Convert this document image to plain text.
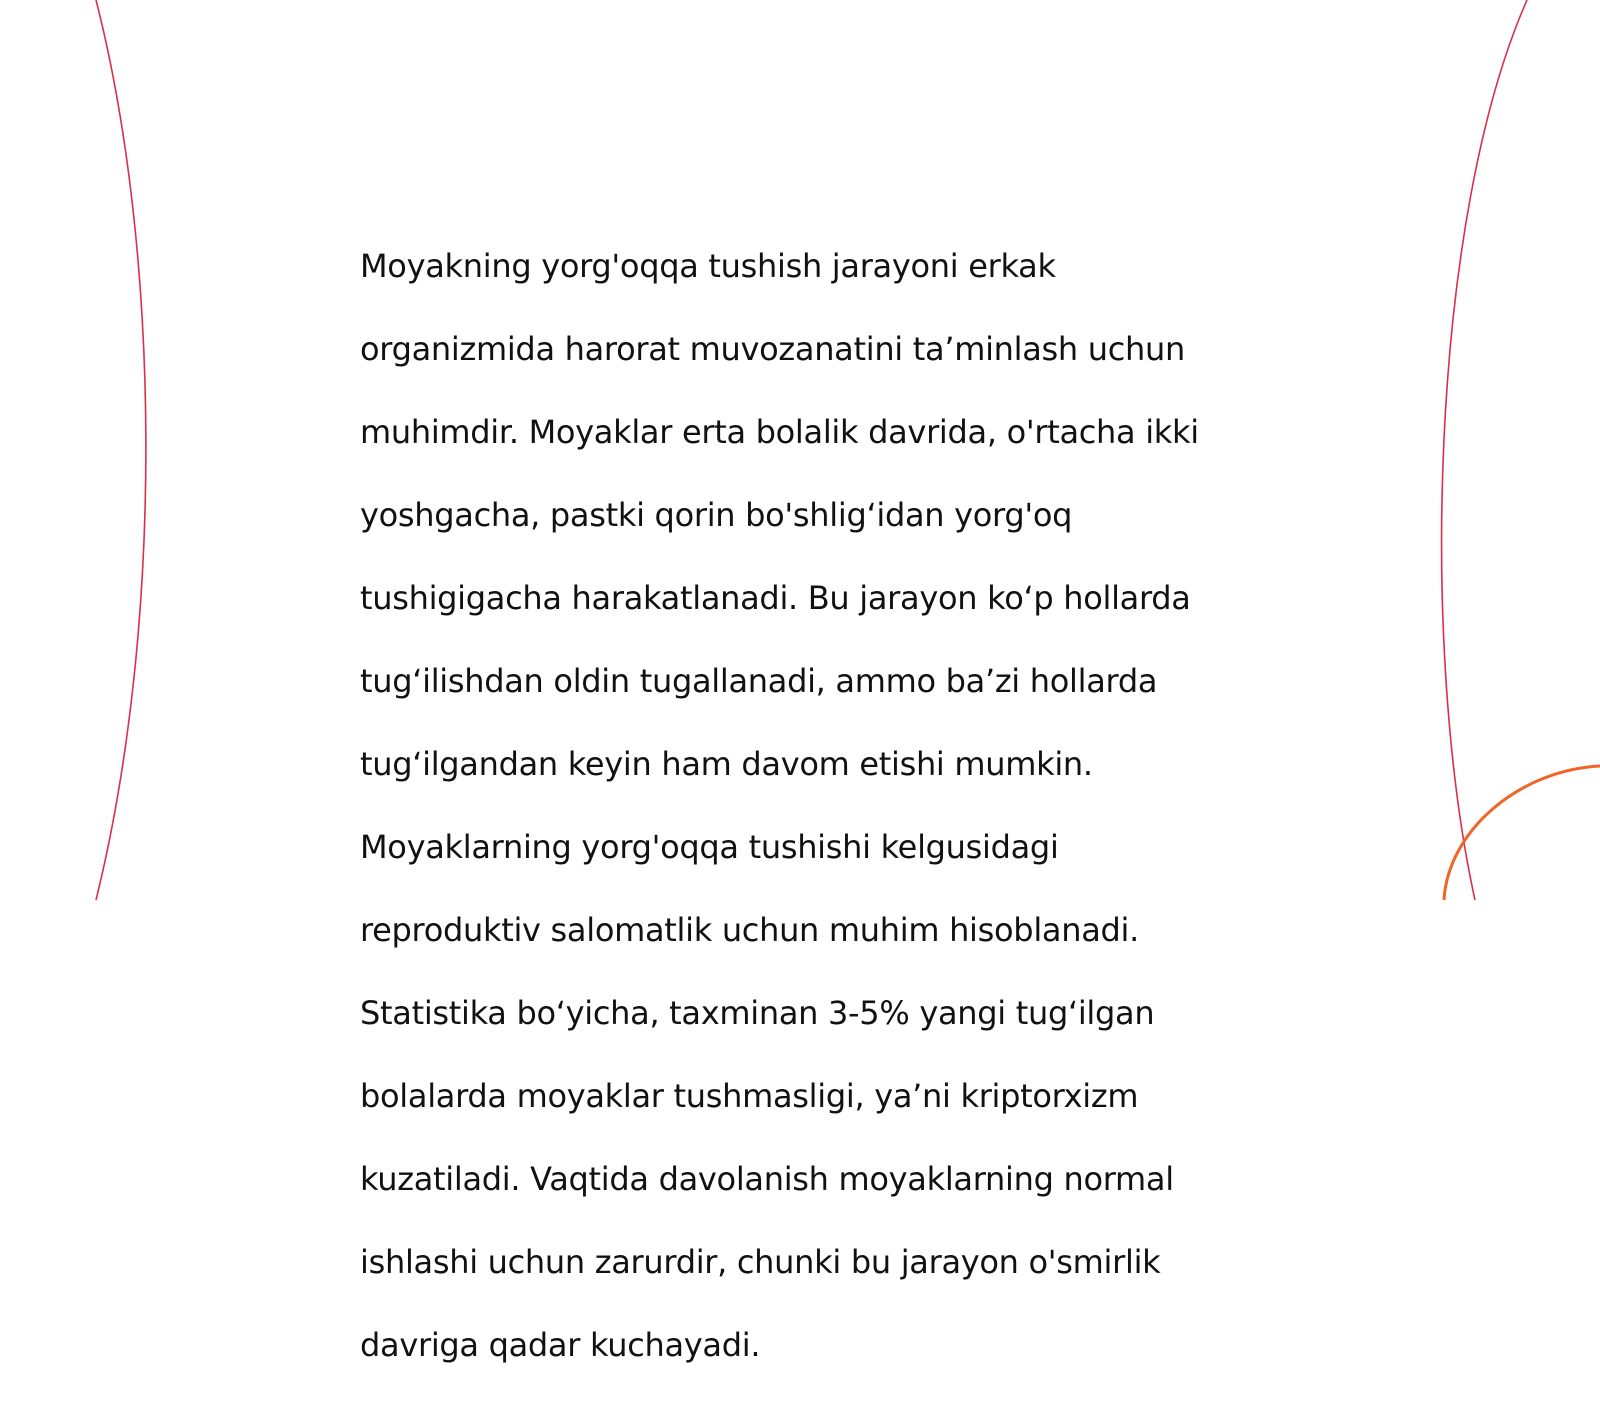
Moyakning yorg'oqqa tushish jarayoni erkak

organizmida harorat muvozanatini ta’minlash uchun

muhimdir. Moyaklar erta bolalik davrida, o'rtacha ikki

yoshgacha, pastki qorin bo'shlig‘idan yorg'oq

tushigigacha harakatlanadi. Bu jarayon ko‘p hollarda

tug‘ilishdan oldin tugallanadi, ammo ba’zi hollarda

tug‘ilgandan keyin ham davom etishi mumkin.

Moyaklarning yorg'oqqa tushishi kelgusidagi

reproduktiv salomatlik uchun muhim hisoblanadi.

Statistika bo‘yicha, taxminan 3-5% yangi tug‘ilgan

bolalarda moyaklar tushmasligi, ya’ni kriptorxizm

kuzatiladi. Vaqtida davolanish moyaklarning normal

ishlashi uchun zarurdir, chunki bu jarayon o'smirlik

davriga qadar kuchayadi.
